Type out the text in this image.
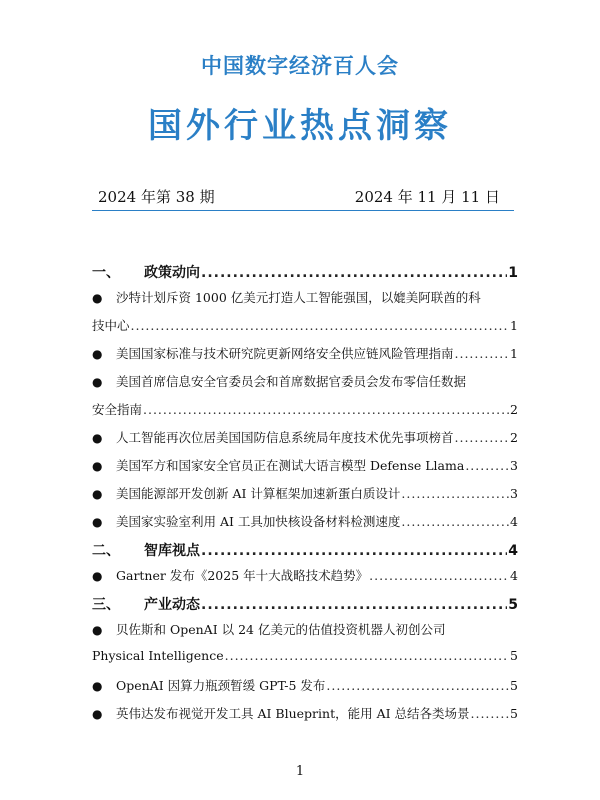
中国数字经济百人会
国外行业热点洞察
2024 年第 38 期	2024 年 11 月 11 日
一、	政策动向 .....	1
● 沙特计划斥资 1000 亿美元打造人工智能强国，以媲美阿联酋的科
技中心 .....	1
●	美国国家标准与技术研究院更新网络安全供应链风险管理指南 .....	1
● 美国首席信息安全官委员会和首席数据官委员会发布零信任数据
安全指南 .....	2
●	人工智能再次位居美国国防信息系统局年度技术优先事项榜首 .....	2
●	美国军方和国家安全官员正在测试大语言模型 Defense Llama .....	3
●	美国能源部开发创新 AI 计算框架加速新蛋白质设计 .....	3
●	美国家实验室利用 AI 工具加快核设备材料检测速度 .....	4
二、	智库视点 .....	4
●	Gartner 发布《2025 年十大战略技术趋势》 .....	4
三、	产业动态 .....	5
● 贝佐斯和 OpenAI 以 24 亿美元的估值投资机器人初创公司
Physical Intelligence .....	5
●	OpenAI 因算力瓶颈暂缓 GPT-5 发布 .....	5
●	英伟达发布视觉开发工具 AI Blueprint，能用 AI 总结各类场景 .....	5
1
